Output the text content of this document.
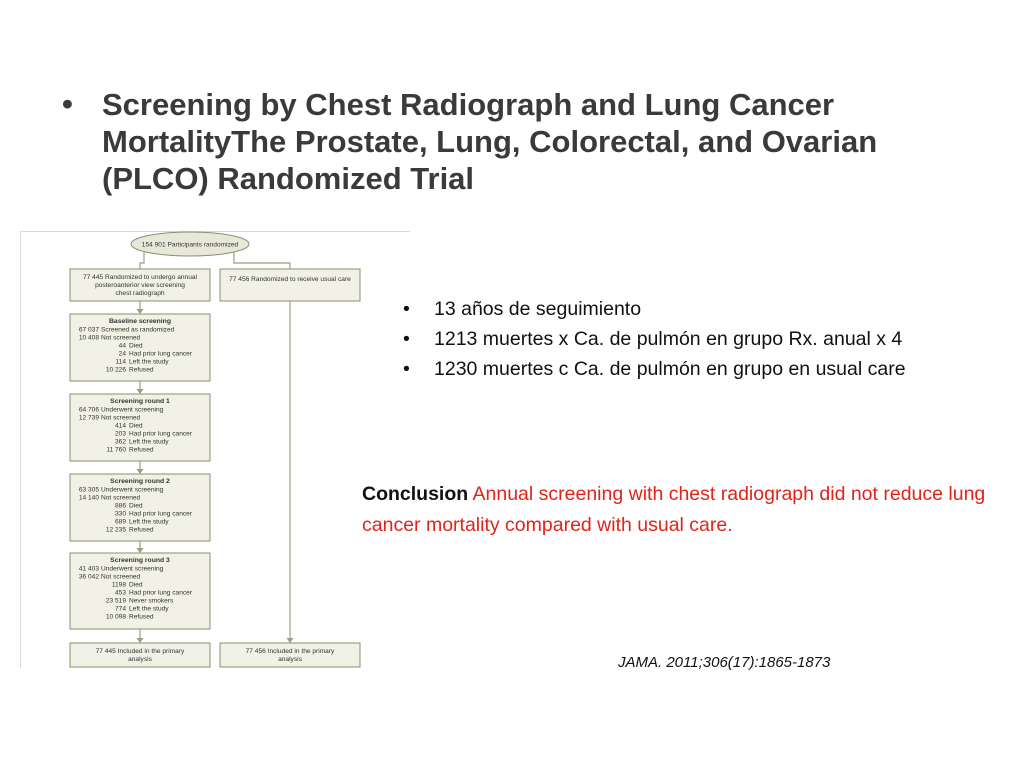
• Screening by Chest Radiograph and Lung Cancer MortalityThe Prostate, Lung, Colorectal, and Ovarian (PLCO) Randomized Trial
154 901 Participants randomized
77 445 Randomized to undergo annual
posteroanterior view screening
chest radiograph
77 456 Randomized to receive usual care
Baseline screening
67 037 Screened as randomized
10 408 Not screened
44 Died
24 Had prior lung cancer
114 Left the study
10 226 Refused
Screening round 1
64 706 Underwent screening
12 739 Not screened
414 Died
203 Had prior lung cancer
362 Left the study
11 760 Refused
Screening round 2
63 305 Underwent screening
14 140 Not screened
886 Died
330 Had prior lung cancer
689 Left the study
12 235 Refused
Screening round 3
41 403 Underwent screening
36 042 Not screened
1198 Died
453 Had prior lung cancer
23 519 Never smokers
774 Left the study
10 098 Refused
77 445 Included in the primary
analysis
77 456 Included in the primary
analysis
• 13 años de seguimiento
• 1213 muertes x Ca. de pulmón en grupo Rx. anual x 4
• 1230 muertes c Ca. de pulmón en grupo en usual care

Conclusion Annual screening with chest radiograph did not reduce lung cancer mortality compared with usual care.

JAMA. 2011;306(17):1865-1873
